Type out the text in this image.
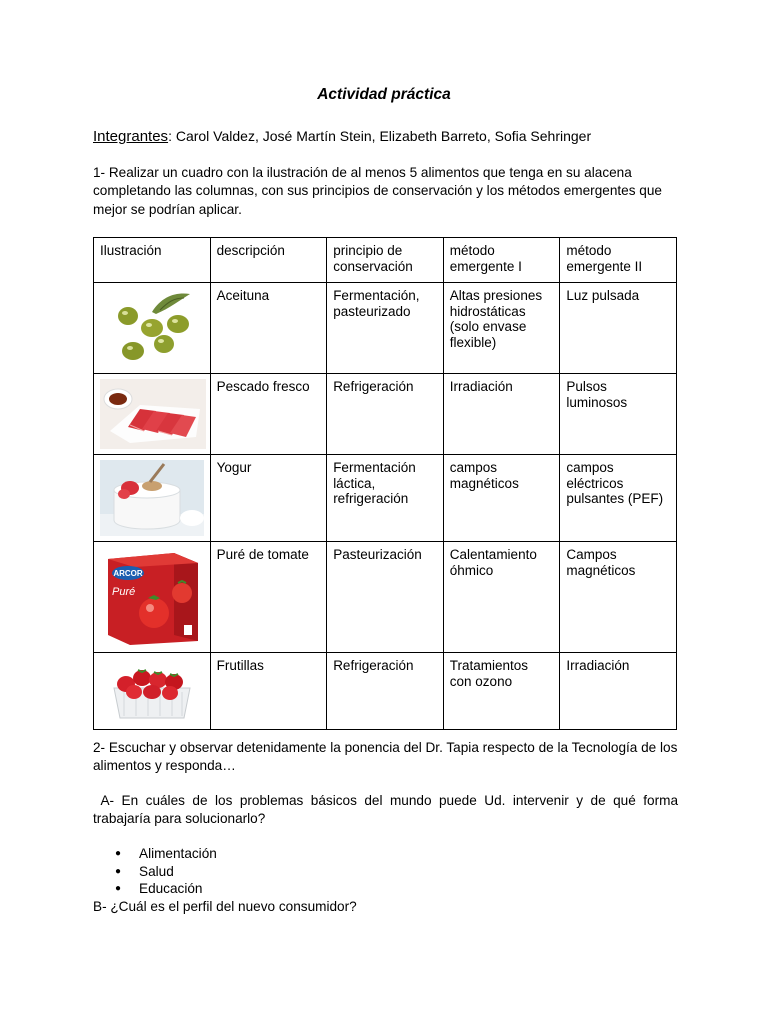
Actividad práctica
Integrantes: Carol Valdez, José Martín Stein, Elizabeth Barreto, Sofia Sehringer
1- Realizar un cuadro con la ilustración de al menos 5 alimentos que tenga en su alacena completando las columnas, con sus principios de conservación y los métodos emergentes que mejor se podrían aplicar.
Ilustración	descripción	principio de conservación	método emergente I	método emergente II

	Aceituna	Fermentación, pasteurizado	Altas presiones hidrostáticas (solo envase flexible)	Luz pulsada

	Pescado fresco	Refrigeración	Irradiación	Pulsos luminosos

	Yogur	Fermentación láctica, refrigeración	campos magnéticos	campos eléctricos pulsantes (PEF)

ARCOR
Puré	Puré de tomate	Pasteurización	Calentamiento óhmico	Campos magnéticos

	Frutillas	Refrigeración	Tratamientos con ozono	Irradiación
2- Escuchar y observar detenidamente la ponencia del Dr. Tapia respecto de la Tecnología de los alimentos y responda…
A- En cuáles de los problemas básicos del mundo puede Ud. intervenir y de qué forma trabajaría para solucionarlo?
● Alimentación
● Salud
● Educación
B- ¿Cuál es el perfil del nuevo consumidor?
